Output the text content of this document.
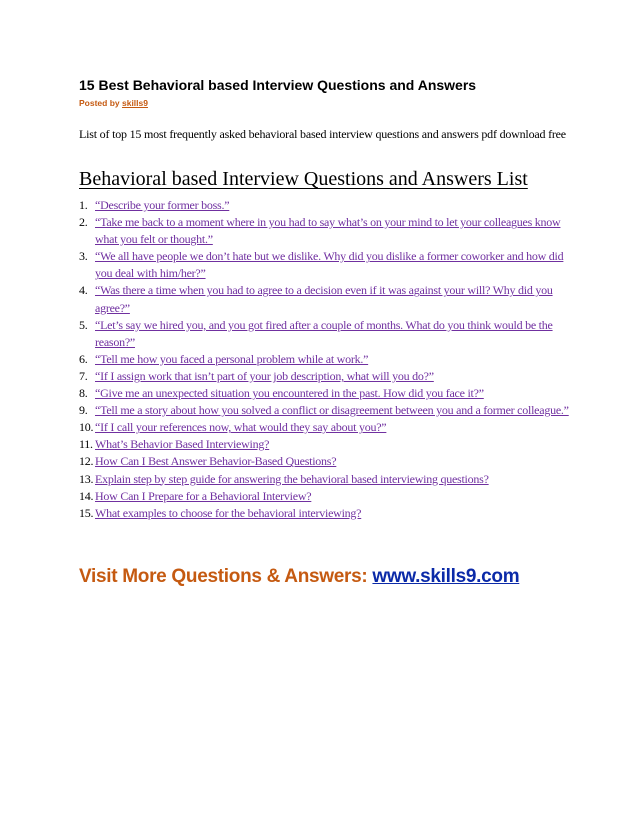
15 Best Behavioral based Interview Questions and Answers
Posted by skills9
List of top 15 most frequently asked behavioral based interview questions and answers pdf download free
Behavioral based Interview Questions and Answers List
1. “Describe your former boss.”
2. “Take me back to a moment where in you had to say what’s on your mind to let your colleagues know what you felt or thought.”
3. “We all have people we don’t hate but we dislike. Why did you dislike a former coworker and how did you deal with him/her?”
4. “Was there a time when you had to agree to a decision even if it was against your will? Why did you agree?”
5. “Let’s say we hired you, and you got fired after a couple of months. What do you think would be the reason?”
6. “Tell me how you faced a personal problem while at work.”
7. “If I assign work that isn’t part of your job description, what will you do?”
8. “Give me an unexpected situation you encountered in the past. How did you face it?”
9. “Tell me a story about how you solved a conflict or disagreement between you and a former colleague.”
10. “If I call your references now, what would they say about you?”
11. What’s Behavior Based Interviewing?
12. How Can I Best Answer Behavior-Based Questions?
13. Explain step by step guide for answering the behavioral based interviewing questions?
14. How Can I Prepare for a Behavioral Interview?
15. What examples to choose for the behavioral interviewing?
Visit More Questions & Answers: www.skills9.com
